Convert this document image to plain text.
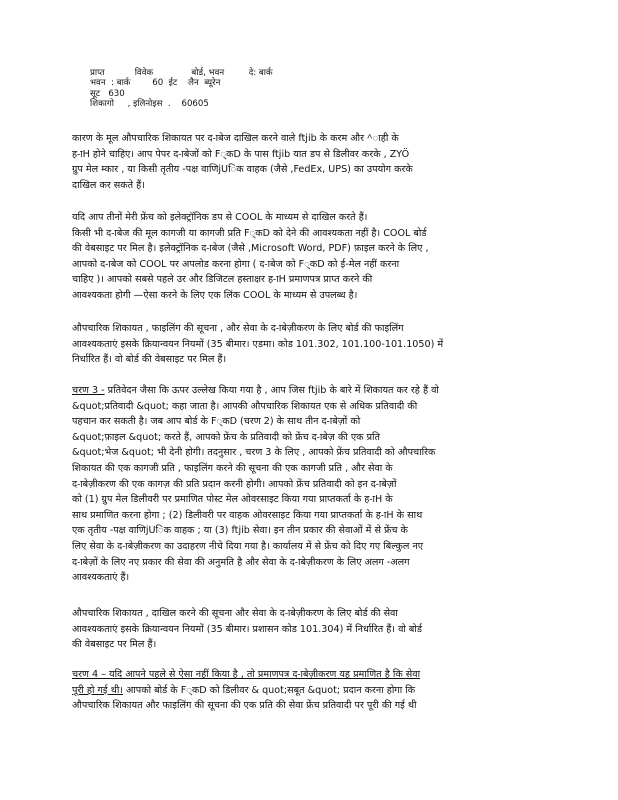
प्राप्त           विवेक              बोर्ड, भवन         दे: बार्क
भवन  : बार्क        60  ईट    लैन  ब्यूरेन
सूट   630
शिकागो     , इलिनोइस  .    60605
कारण के मूल औपचारिक शिकायत पर द-ाबेज दाखिल करने वाले ftjib के करम और ^ाही के
ह-ाH होने चाहिए। आप पेपर द-ाबेजों को F्कD के पास ftjib यात डप से डिलीवर करके , ZYÖ
ग्रुप मेल म्कार , या किसी तृतीय -पक्ष वाणिjUिक वाहक (जैसे ,FedEx, UPS) का उपयोग करके
दाखिल कर सकते हैं।
यदि आप तीनों मेरी फ्रेंच को इलेक्ट्रॉनिक डप से COOL के माध्यम से दाखिल करते हैं।
किसी भी द-ाबेज की मूल कागजी या कागजी प्रति F्कD को देने की आवश्यकता नहीं है। COOL बोर्ड
की वेबसाइट पर मिल है। इलेक्ट्रॉनिक द-ाबेज (जैसे ,Microsoft Word, PDF) फ़ाइल करने के लिए ,
आपको द-ाबेज को COOL पर अपलोड करना होगा ( द-ाबेज को F्कD को ई-मेल नहीं करना
चाहिए )। आपको सबसे पहले उर और डिजिटल हस्ताक्षर ह-ाH प्रमाणपत्र प्राप्त करने की
आवश्यकता होगी —ऐसा करने के लिए एक लिंक COOL के माध्यम से उपलब्ध है।
औपचारिक शिकायत , फाइलिंग की सूचना , और सेवा के द-ाबेज़ीकरण के लिए बोर्ड की फाइलिंग
आवश्यकताएं इसके क्रियान्वयन नियमों (35 बीमार। एडमा। कोड 101.302, 101.100-101.1050) में
निर्धारित हैं। वो बोर्ड की वेबसाइट पर मिल हैं।
चरण 3 - प्रतिवेदन जैसा कि ऊपर उल्लेख किया गया है , आप जिस ftjib के बारे में शिकायत कर रहे हैं वो
&quot;प्रतिवादी &quot; कहा जाता है। आपकी औपचारिक शिकायत एक से अधिक प्रतिवादी की
पहचान कर सकती है। जब आप बोर्ड के F्कD (चरण 2) के साथ तीन द-ाबेज़ों को
&quot;फ़ाइल &quot; करते हैं, आपको फ्रेंच के प्रतिवादी को फ्रेंच द-ाबेज़ की एक प्रति
&quot;भेज &quot; भी देनी होगी। तदनुसार , चरण 3 के लिए , आपको फ्रेंच प्रतिवादी को औपचारिक
शिकायत की एक कागजी प्रति , फाइलिंग करने की सूचना की एक कागजी प्रति , और सेवा के
द-ाबेज़ीकरण की एक कागज़ की प्रति प्रदान करनी होगी। आपको फ्रेंच प्रतिवादी को इन द-ाबेज़ों
को (1) ग्रुप मेल डिलीवरी पर प्रमाणित पोस्ट मेल ओवरसाइट किया गया प्राप्तकर्ता के ह-ाH के
साथ प्रमाणित करना होगा ; (2) डिलीवरी पर वाहक ओवरसाइट किया गया प्राप्तकर्ता के ह-ाH के साथ
एक तृतीय -पक्ष वाणिjUिक वाहक ; या (3) ftjib सेवा। इन तीन प्रकार की सेवाओं में से फ्रेंच के
लिए सेवा के द-ाबेज़ीकरण का उदाहरण नीचे दिया गया है। कार्यालय में से फ्रेंच को दिए गए बिल्कुल नए
द-ाबेज़ों के लिए नए प्रकार की सेवा की अनुमति है और सेवा के द-ाबेज़ीकरण के लिए अलग -अलग
आवश्यकताएं हैं।
औपचारिक शिकायत , दाखिल करने की सूचना और सेवा के द-ाबेज़ीकरण के लिए बोर्ड की सेवा
आवश्यकताएं इसके क्रियान्वयन नियमों (35 बीमार। प्रशासन कोड 101.304) में निर्धारित हैं। वो बोर्ड
की वेबसाइट पर मिल हैं।
चरण 4 – यदि आपने पहले से ऐसा नहीं किया है , तो प्रमाणपत्र द-ाबेज़ीकरण यह प्रमाणित है कि सेवा
पूरी हो गई थी। आपको बोर्ड के F्कD को डिलीवर & quot;सबूत &quot; प्रदान करना होगा कि
औपचारिक शिकायत और फाइलिंग की सूचना की एक प्रति की सेवा फ्रेंच प्रतिवादी पर पूरी की गई थी
